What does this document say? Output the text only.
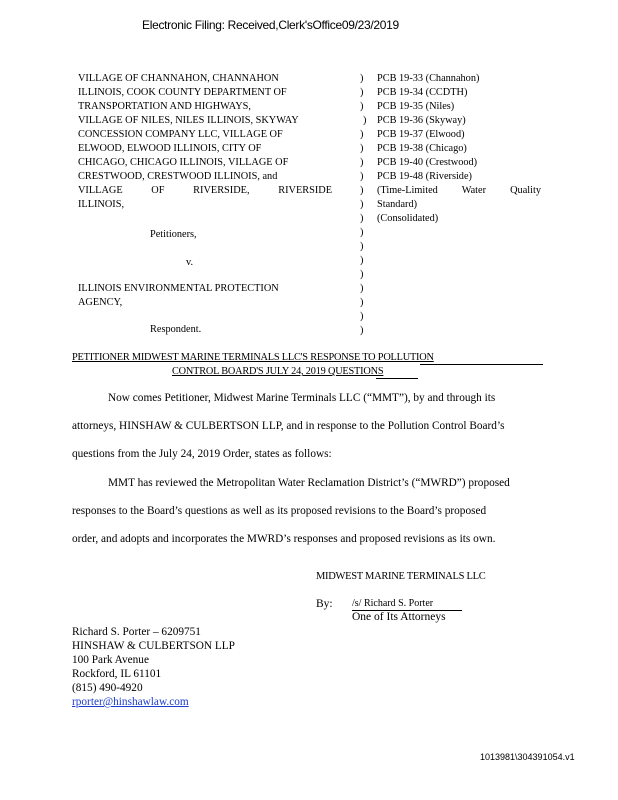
Electronic Filing: Received,Clerk'sOffice09/23/2019
VILLAGE OF CHANNAHON, CHANNAHON
ILLINOIS, COOK COUNTY DEPARTMENT OF
TRANSPORTATION AND HIGHWAYS,
VILLAGE OF NILES, NILES ILLINOIS, SKYWAY
CONCESSION COMPANY LLC, VILLAGE OF
ELWOOD, ELWOOD ILLINOIS, CITY OF
CHICAGO, CHICAGO ILLINOIS, VILLAGE OF
CRESTWOOD, CRESTWOOD ILLINOIS, and
VILLAGE OF RIVERSIDE, RIVERSIDE
ILLINOIS,
Petitioners,
v.
ILLINOIS ENVIRONMENTAL PROTECTION
AGENCY,
Respondent.
)
)
)
)
)
)
)
)
)
)
)
)
)
)
)
)
)
)
)
PCB 19-33 (Channahon)
PCB 19-34 (CCDTH)
PCB 19-35 (Niles)
PCB 19-36 (Skyway)
PCB 19-37 (Elwood)
PCB 19-38 (Chicago)
PCB 19-40 (Crestwood)
PCB 19-48 (Riverside)
(Time-Limited Water Quality
Standard)
(Consolidated)
PETITIONER MIDWEST MARINE TERMINALS LLC'S RESPONSE TO POLLUTION
CONTROL BOARD'S JULY 24, 2019 QUESTIONS
Now comes Petitioner, Midwest Marine Terminals LLC (“MMT”), by and through its
attorneys, HINSHAW & CULBERTSON LLP, and in response to the Pollution Control Board’s
questions from the July 24, 2019 Order, states as follows:
MMT has reviewed the Metropolitan Water Reclamation District’s (“MWRD”) proposed
responses to the Board’s questions as well as its proposed revisions to the Board’s proposed
order, and adopts and incorporates the MWRD’s responses and proposed revisions as its own.
MIDWEST MARINE TERMINALS LLC
By: /s/ Richard S. Porter
One of Its Attorneys
Richard S. Porter – 6209751
HINSHAW & CULBERTSON LLP
100 Park Avenue
Rockford, IL 61101
(815) 490-4920
rporter@hinshawlaw.com
1013981\304391054.v1
